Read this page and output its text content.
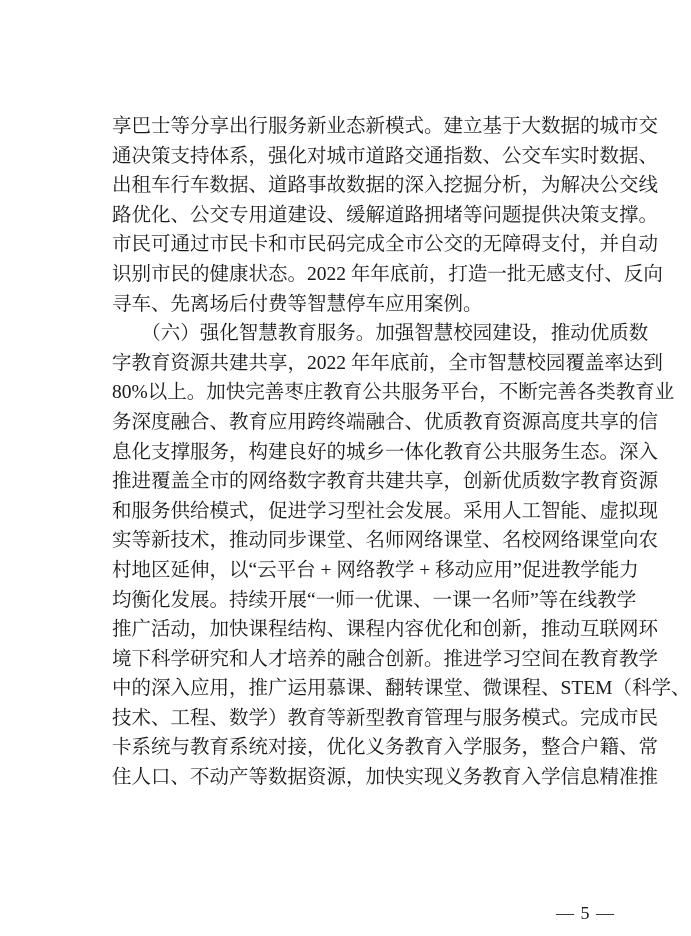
享巴士等分享出行服务新业态新模式。建立基于大数据的城市交
通决策支持体系，强化对城市道路交通指数、公交车实时数据、
出租车行车数据、道路事故数据的深入挖掘分析，为解决公交线
路优化、公交专用道建设、缓解道路拥堵等问题提供决策支撑。
市民可通过市民卡和市民码完成全市公交的无障碍支付，并自动
识别市民的健康状态。2022 年年底前，打造一批无感支付、反向
寻车、先离场后付费等智慧停车应用案例。
　　（六）强化智慧教育服务。加强智慧校园建设，推动优质数
字教育资源共建共享，2022 年年底前，全市智慧校园覆盖率达到
80%以上。加快完善枣庄教育公共服务平台，不断完善各类教育业
务深度融合、教育应用跨终端融合、优质教育资源高度共享的信
息化支撑服务，构建良好的城乡一体化教育公共服务生态。深入
推进覆盖全市的网络数字教育共建共享，创新优质数字教育资源
和服务供给模式，促进学习型社会发展。采用人工智能、虚拟现
实等新技术，推动同步课堂、名师网络课堂、名校网络课堂向农
村地区延伸，以“云平台 + 网络教学 + 移动应用”促进教学能力
均衡化发展。持续开展“一师一优课、一课一名师”等在线教学
推广活动，加快课程结构、课程内容优化和创新，推动互联网环
境下科学研究和人才培养的融合创新。推进学习空间在教育教学
中的深入应用，推广运用慕课、翻转课堂、微课程、STEM（科学、
技术、工程、数学）教育等新型教育管理与服务模式。完成市民
卡系统与教育系统对接，优化义务教育入学服务，整合户籍、常
住人口、不动产等数据资源，加快实现义务教育入学信息精准推
— 5 —
